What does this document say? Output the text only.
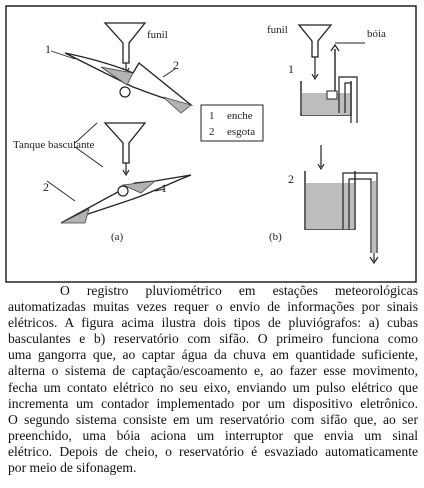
funil	funil	bóia
1
2
1
2
1
2
Tanque basculante
(a)	(b)
1 enche
2 esgota
O registro pluviométrico em estações meteorológicas
automatizadas muitas vezes requer o envio de informações por sinais
elétricos. A figura acima ilustra dois tipos de pluviógrafos: a) cubas
basculantes e b) reservatório com sifão. O primeiro funciona como
uma gangorra que, ao captar água da chuva em quantidade suficiente,
alterna o sistema de captação/escoamento e, ao fazer esse movimento,
fecha um contato elétrico no seu eixo, enviando um pulso elétrico que
incrementa um contador implementado por um dispositivo eletrônico.
O segundo sistema consiste em um reservatório com sifão que, ao ser
preenchido, uma bóia aciona um interruptor que envia um sinal
elétrico. Depois de cheio, o reservatório é esvaziado automaticamente
por meio de sifonagem.
